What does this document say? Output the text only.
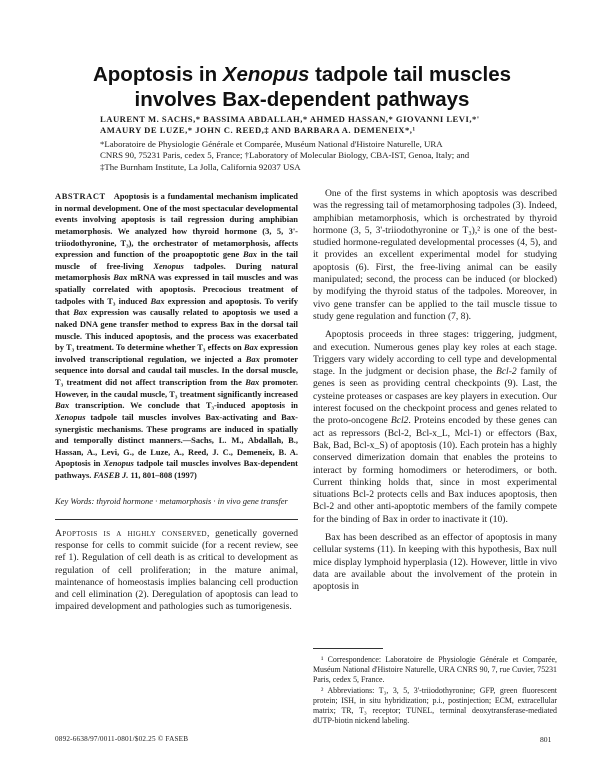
Apoptosis in Xenopus tadpole tail muscles involves Bax-dependent pathways
LAURENT M. SACHS,* BASSIMA ABDALLAH,* AHMED HASSAN,* GIOVANNI LEVI,*'
AMAURY DE LUZE,* JOHN C. REED,‡ AND BARBARA A. DEMENEIX*,¹
*Laboratoire de Physiologie Générale et Comparée, Muséum National d'Histoire Naturelle, URA
CNRS 90, 75231 Paris, cedex 5, France; †Laboratory of Molecular Biology, CBA-IST, Genoa, Italy; and
‡The Burnham Institute, La Jolla, California 92037 USA

ABSTRACT Apoptosis is a fundamental mechanism implicated in normal development. One of the most spectacular developmental events involving apoptosis is tail regression during amphibian metamorphosis. We analyzed how thyroid hormone (3, 5, 3'-triiodothyronine, T₃), the orchestrator of metamorphosis, affects expression and function of the proapoptotic gene Bax in the tail muscle of free-living Xenopus tadpoles. During natural metamorphosis Bax mRNA was expressed in tail muscles and was spatially correlated with apoptosis. Precocious treatment of tadpoles with T₃ induced Bax expression and apoptosis. To verify that Bax expression was causally related to apoptosis we used a naked DNA gene transfer method to express Bax in the dorsal tail muscle. This induced apoptosis, and the process was exacerbated by T₃ treatment. To determine whether T₃ effects on Bax expression involved transcriptional regulation, we injected a Bax promoter sequence into dorsal and caudal tail muscles. In the dorsal muscle, T₃ treatment did not affect transcription from the Bax promoter. However, in the caudal muscle, T₃ treatment significantly increased Bax transcription. We conclude that T₃-induced apoptosis in Xenopus tadpole tail muscles involves Bax-activating and Bax-synergistic mechanisms. These programs are induced in spatially and temporally distinct manners.—Sachs, L. M., Abdallah, B., Hassan, A., Levi, G., de Luze, A., Reed, J. C., Demeneix, B. A. Apoptosis in Xenopus tadpole tail muscles involves Bax-dependent pathways. FASEB J. 11, 801–808 (1997)

Key Words: thyroid hormone · metamorphosis · in vivo gene transfer

Apoptosis is a highly conserved, genetically governed response for cells to commit suicide (for a recent review, see ref 1). Regulation of cell death is as critical to development as regulation of cell proliferation; in the mature animal, maintenance of homeostasis implies balancing cell production and cell elimination (2). Deregulation of apoptosis can lead to impaired development and pathologies such as tumorigenesis.

One of the first systems in which apoptosis was described was the regressing tail of metamorphosing tadpoles (3). Indeed, amphibian metamorphosis, which is orchestrated by thyroid hormone (3, 5, 3'-triiodothyronine or T₃),² is one of the best-studied hormone-regulated developmental processes (4, 5), and it provides an excellent experimental model for studying apoptosis (6). First, the free-living animal can be easily manipulated; second, the process can be induced (or blocked) by modifying the thyroid status of the tadpoles. Moreover, in vivo gene transfer can be applied to the tail muscle tissue to study gene regulation and function (7, 8).

Apoptosis proceeds in three stages: triggering, judgment, and execution. Numerous genes play key roles at each stage. Triggers vary widely according to cell type and developmental stage. In the judgment or decision phase, the Bcl-2 family of genes is seen as providing central checkpoints (9). Last, the cysteine proteases or caspases are key players in execution. Our interest focused on the checkpoint process and genes related to the proto-oncogene Bcl2. Proteins encoded by these genes can act as repressors (Bcl-2, Bcl-x_L, Mcl-1) or effectors (Bax, Bak, Bad, Bcl-x_S) of apoptosis (10). Each protein has a highly conserved dimerization domain that enables the proteins to interact by forming homodimers or heterodimers, or both. Current thinking holds that, since in most experimental situations Bcl-2 protects cells and Bax induces apoptosis, then Bcl-2 and other anti-apoptotic members of the family compete for the binding of Bax in order to inactivate it (10).

Bax has been described as an effector of apoptosis in many cellular systems (11). In keeping with this hypothesis, Bax null mice display lymphoid hyperplasia (12). However, little in vivo data are available about the involvement of the protein in apoptosis in

¹ Correspondence: Laboratoire de Physiologie Générale et Comparée, Muséum National d'Histoire Naturelle, URA CNRS 90, 7, rue Cuvier, 75231 Paris, cedex 5, France.

² Abbreviations: T₃, 3, 5, 3'-triiodothyronine; GFP, green fluorescent protein; ISH, in situ hybridization; p.i., postinjection; ECM, extracellular matrix; TR, T₃ receptor; TUNEL, terminal deoxytransferase-mediated dUTP-biotin nickend labeling.

0892-6638/97/0011-0801/$02.25 © FASEB	801
